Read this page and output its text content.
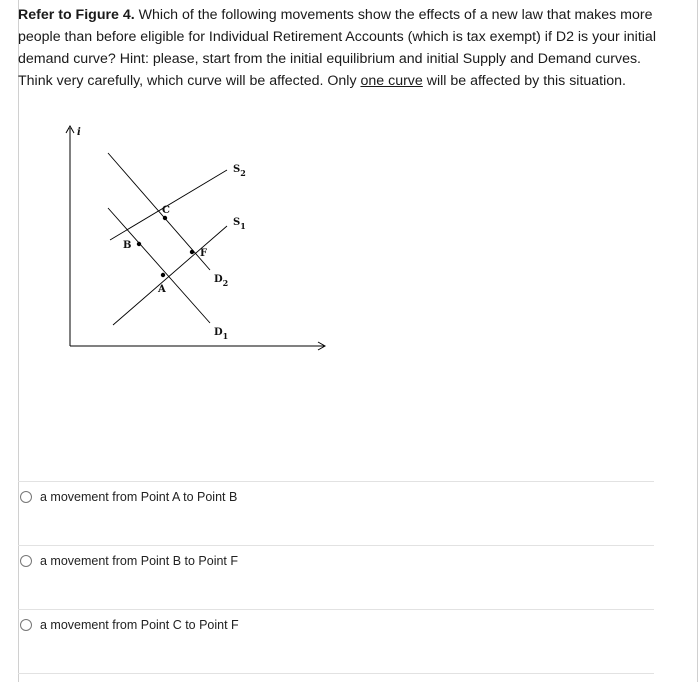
Refer to Figure 4. Which of the following movements show the effects of a new law that makes more people than before eligible for Individual Retirement Accounts (which is tax exempt) if D2 is your initial demand curve? Hint: please, start from the initial equilibrium and initial Supply and Demand curves. Think very carefully, which curve will be affected. Only one curve will be affected by this situation.
i
$S_2$
$S_1$
$D_2$
$D_1$
C
B
F
A
a movement from Point A to Point B
a movement from Point B to Point F
a movement from Point C to Point F
